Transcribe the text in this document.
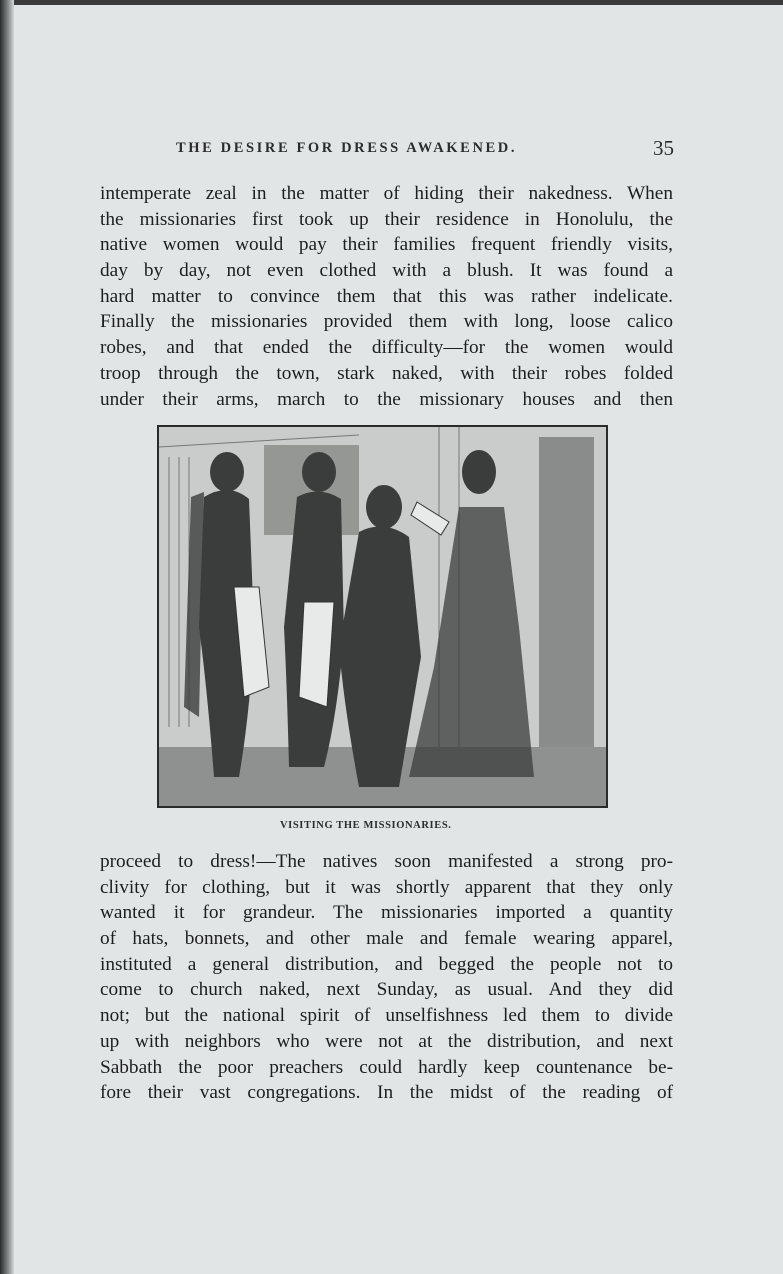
THE DESIRE FOR DRESS AWAKENED.	35
intemperate zeal in the matter of hiding their nakedness. When
the missionaries first took up their residence in Honolulu, the
native women would pay their families frequent friendly visits,
day by day, not even clothed with a blush. It was found a
hard matter to convince them that this was rather indelicate.
Finally the missionaries provided them with long, loose calico
robes, and that ended the difficulty—for the women would
troop through the town, stark naked, with their robes folded
under their arms, march to the missionary houses and then
VISITING THE MISSIONARIES.
proceed to dress!—The natives soon manifested a strong pro-
clivity for clothing, but it was shortly apparent that they only
wanted it for grandeur. The missionaries imported a quantity
of hats, bonnets, and other male and female wearing apparel,
instituted a general distribution, and begged the people not to
come to church naked, next Sunday, as usual. And they did
not; but the national spirit of unselfishness led them to divide
up with neighbors who were not at the distribution, and next
Sabbath the poor preachers could hardly keep countenance be-
fore their vast congregations. In the midst of the reading of
